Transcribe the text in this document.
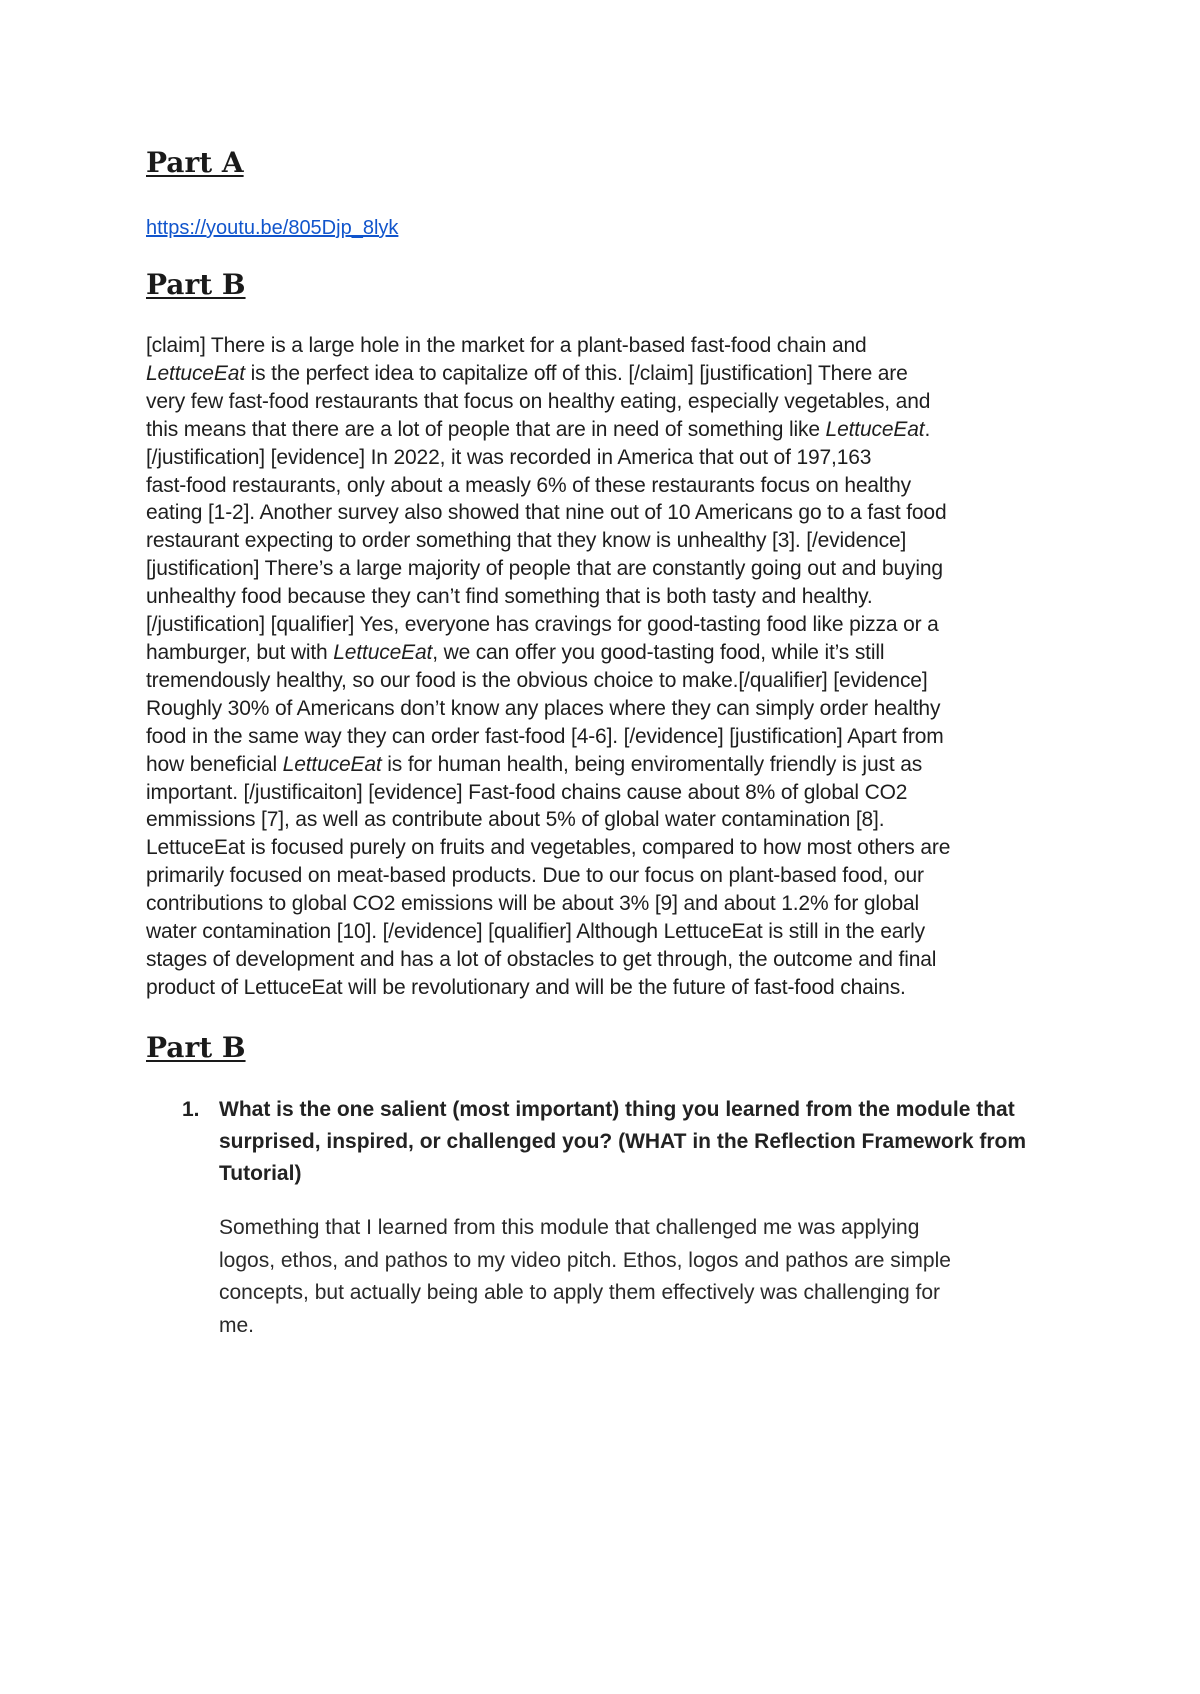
Part A
https://youtu.be/805Djp_8lyk
Part B

[claim] There is a large hole in the market for a plant-based fast-food chain and
LettuceEat is the perfect idea to capitalize off of this. [/claim] [justification] There are
very few fast-food restaurants that focus on healthy eating, especially vegetables, and
this means that there are a lot of people that are in need of something like LettuceEat.
[/justification] [evidence] In 2022, it was recorded in America that out of 197,163
fast-food restaurants, only about a measly 6% of these restaurants focus on healthy
eating [1-2]. Another survey also showed that nine out of 10 Americans go to a fast food
restaurant expecting to order something that they know is unhealthy [3]. [/evidence]
[justification] There’s a large majority of people that are constantly going out and buying
unhealthy food because they can’t find something that is both tasty and healthy.
[/justification] [qualifier] Yes, everyone has cravings for good-tasting food like pizza or a
hamburger, but with LettuceEat, we can offer you good-tasting food, while it’s still
tremendously healthy, so our food is the obvious choice to make.[/qualifier] [evidence]
Roughly 30% of Americans don’t know any places where they can simply order healthy
food in the same way they can order fast-food [4-6]. [/evidence] [justification] Apart from
how beneficial LettuceEat is for human health, being enviromentally friendly is just as
important. [/justificaiton] [evidence] Fast-food chains cause about 8% of global CO2
emmissions [7], as well as contribute about 5% of global water contamination [8].
LettuceEat is focused purely on fruits and vegetables, compared to how most others are
primarily focused on meat-based products. Due to our focus on plant-based food, our
contributions to global CO2 emissions will be about 3% [9] and about 1.2% for global
water contamination [10]. [/evidence] [qualifier] Although LettuceEat is still in the early
stages of development and has a lot of obstacles to get through, the outcome and final
product of LettuceEat will be revolutionary and will be the future of fast-food chains.

Part B
1. What is the one salient (most important) thing you learned from the module that
surprised, inspired, or challenged you? (WHAT in the Reflection Framework from
Tutorial)

Something that I learned from this module that challenged me was applying
logos, ethos, and pathos to my video pitch. Ethos, logos and pathos are simple
concepts, but actually being able to apply them effectively was challenging for
me.
